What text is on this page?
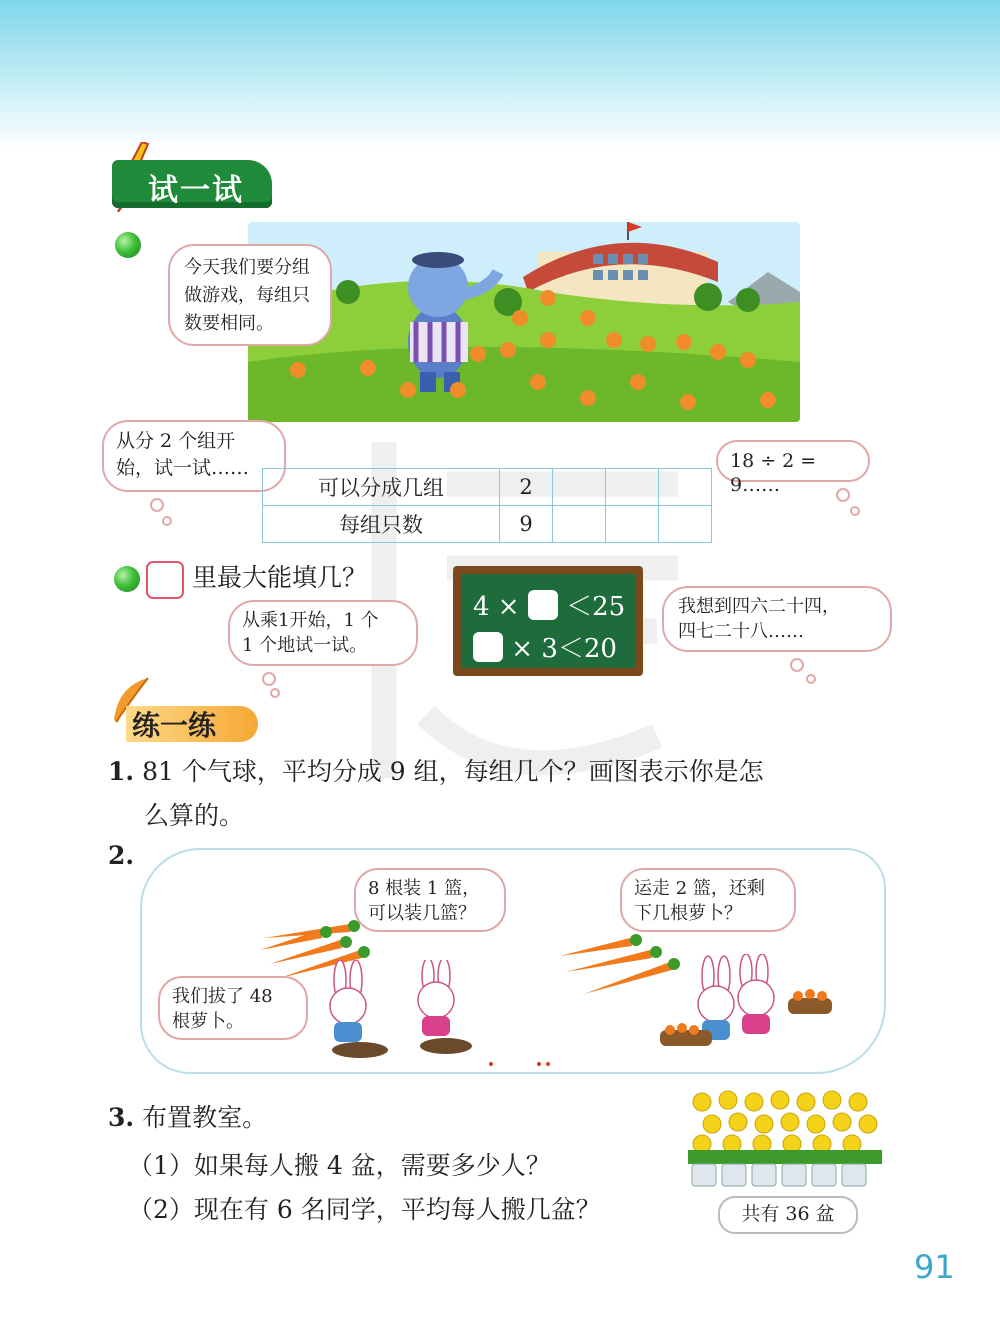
试一试
今天我们要分组
做游戏，每组只
数要相同。
从分 2 个组开
始，试一试……	18 ÷ 2 = 9……
可以分成几组	2			
每组只数	9			
里最大能填几？
从乘1开始，1 个
1 个地试一试。
4 × ＜25
× 3＜20
我想到四六二十四，
四七二十八……
练一练
1. 81 个气球，平均分成 9 组，每组几个？画图表示你是怎
么算的。
2.
8 根装 1 篮，
可以装几篮？
运走 2 篮，还剩
下几根萝卜？
我们拔了 48
根萝卜。
3. 布置教室。
（1）如果每人搬 4 盆，需要多少人？
（2）现在有 6 名同学，平均每人搬几盆？	共有 36 盆
91
